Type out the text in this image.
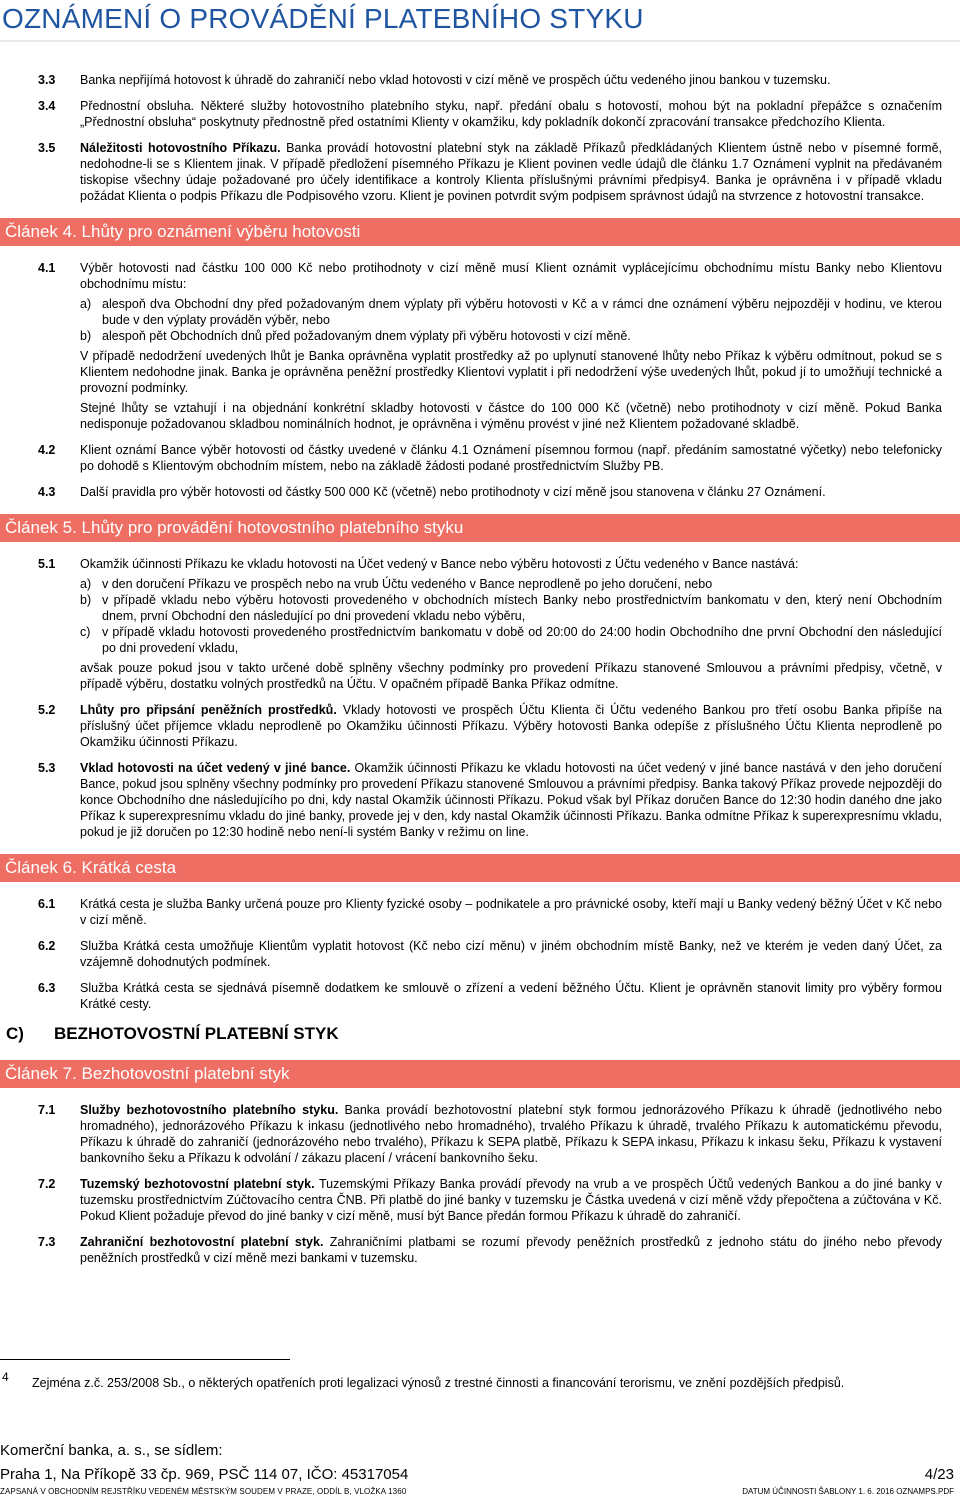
OZNÁMENÍ O PROVÁDĚNÍ PLATEBNÍHO STYKU
3.3	Banka nepřijímá hotovost k úhradě do zahraničí nebo vklad hotovosti v cizí měně ve prospěch účtu vedeného jinou bankou v tuzemsku.
3.4	Přednostní obsluha. Některé služby hotovostního platebního styku, např. předání obalu s hotovostí, mohou být na pokladní přepážce s označením „Přednostní obsluha“ poskytnuty přednostně před ostatními Klienty v okamžiku, kdy pokladník dokončí zpracování transakce předchozího Klienta.
3.5	Náležitosti hotovostního Příkazu. Banka provádí hotovostní platební styk na základě Příkazů předkládaných Klientem ústně nebo v písemné formě, nedohodne-li se s Klientem jinak. V případě předložení písemného Příkazu je Klient povinen vedle údajů dle článku 1.7 Oznámení vyplnit na předávaném tiskopise všechny údaje požadované pro účely identifikace a kontroly Klienta příslušnými právními předpisy4. Banka je oprávněna i v případě vkladu požádat Klienta o podpis Příkazu dle Podpisového vzoru. Klient je povinen potvrdit svým podpisem správnost údajů na stvrzence z hotovostní transakce.
Článek 4. Lhůty pro oznámení výběru hotovosti
4.1	Výběr hotovosti nad částku 100 000 Kč nebo protihodnoty v cizí měně musí Klient oznámit vyplácejícímu obchodnímu místu Banky nebo Klientovu obchodnímu místu:

a) alespoň dva Obchodní dny před požadovaným dnem výplaty při výběru hotovosti v Kč a v rámci dne oznámení výběru nejpozději v hodinu, ve kterou bude v den výplaty prováděn výběr, nebo
b) alespoň pět Obchodních dnů před požadovaným dnem výplaty při výběru hotovosti v cizí měně.

V případě nedodržení uvedených lhůt je Banka oprávněna vyplatit prostředky až po uplynutí stanovené lhůty nebo Příkaz k výběru odmítnout, pokud se s Klientem nedohodne jinak. Banka je oprávněna peněžní prostředky Klientovi vyplatit i při nedodržení výše uvedených lhůt, pokud jí to umožňují technické a provozní podmínky.

Stejné lhůty se vztahují i na objednání konkrétní skladby hotovosti v částce do 100 000 Kč (včetně) nebo protihodnoty v cizí měně. Pokud Banka nedisponuje požadovanou skladbou nominálních hodnot, je oprávněna i výměnu provést v jiné než Klientem požadované skladbě.

4.2	Klient oznámí Bance výběr hotovosti od částky uvedené v článku 4.1 Oznámení písemnou formou (např. předáním samostatné výčetky) nebo telefonicky po dohodě s Klientovým obchodním místem, nebo na základě žádosti podané prostřednictvím Služby PB.
4.3	Další pravidla pro výběr hotovosti od částky 500 000 Kč (včetně) nebo protihodnoty v cizí měně jsou stanovena v článku 27 Oznámení.
Článek 5. Lhůty pro provádění hotovostního platebního styku
5.1	Okamžik účinnosti Příkazu ke vkladu hotovosti na Účet vedený v Bance nebo výběru hotovosti z Účtu vedeného v Bance nastává:

a) v den doručení Příkazu ve prospěch nebo na vrub Účtu vedeného v Bance neprodleně po jeho doručení, nebo
b) v případě vkladu nebo výběru hotovosti provedeného v obchodních místech Banky nebo prostřednictvím bankomatu v den, který není Obchodním dnem, první Obchodní den následující po dni provedení vkladu nebo výběru,
c) v případě vkladu hotovosti provedeného prostřednictvím bankomatu v době od 20:00 do 24:00 hodin Obchodního dne první Obchodní den následující po dni provedení vkladu,

avšak pouze pokud jsou v takto určené době splněny všechny podmínky pro provedení Příkazu stanovené Smlouvou a právními předpisy, včetně, v případě výběru, dostatku volných prostředků na Účtu. V opačném případě Banka Příkaz odmítne.

5.2	Lhůty pro připsání peněžních prostředků. Vklady hotovosti ve prospěch Účtu Klienta či Účtu vedeného Bankou pro třetí osobu Banka připíše na příslušný účet příjemce vkladu neprodleně po Okamžiku účinnosti Příkazu. Výběry hotovosti Banka odepíše z příslušného Účtu Klienta neprodleně po Okamžiku účinnosti Příkazu.
5.3	Vklad hotovosti na účet vedený v jiné bance. Okamžik účinnosti Příkazu ke vkladu hotovosti na účet vedený v jiné bance nastává v den jeho doručení Bance, pokud jsou splněny všechny podmínky pro provedení Příkazu stanovené Smlouvou a právními předpisy. Banka takový Příkaz provede nejpozději do konce Obchodního dne následujícího po dni, kdy nastal Okamžik účinnosti Příkazu. Pokud však byl Příkaz doručen Bance do 12:30 hodin daného dne jako Příkaz k superexpresnímu vkladu do jiné banky, provede jej v den, kdy nastal Okamžik účinnosti Příkazu. Banka odmítne Příkaz k superexpresnímu vkladu, pokud je již doručen po 12:30 hodině nebo není-li systém Banky v režimu on line.
Článek 6. Krátká cesta
6.1	Krátká cesta je služba Banky určená pouze pro Klienty fyzické osoby – podnikatele a pro právnické osoby, kteří mají u Banky vedený běžný Účet v Kč nebo v cizí měně.
6.2	Služba Krátká cesta umožňuje Klientům vyplatit hotovost (Kč nebo cizí měnu) v jiném obchodním místě Banky, než ve kterém je veden daný Účet, za vzájemně dohodnutých podmínek.
6.3	Služba Krátká cesta se sjednává písemně dodatkem ke smlouvě o zřízení a vedení běžného Účtu. Klient je oprávněn stanovit limity pro výběry formou Krátké cesty.
C)	BEZHOTOVOSTNÍ PLATEBNÍ STYK
Článek 7. Bezhotovostní platební styk
7.1	Služby bezhotovostního platebního styku. Banka provádí bezhotovostní platební styk formou jednorázového Příkazu k úhradě (jednotlivého nebo hromadného), jednorázového Příkazu k inkasu (jednotlivého nebo hromadného), trvalého Příkazu k úhradě, trvalého Příkazu k automatickému převodu, Příkazu k úhradě do zahraničí (jednorázového nebo trvalého), Příkazu k SEPA platbě, Příkazu k SEPA inkasu, Příkazu k inkasu šeku, Příkazu k vystavení bankovního šeku a Příkazu k odvolání / zákazu placení / vrácení bankovního šeku.
7.2	Tuzemský bezhotovostní platební styk. Tuzemskými Příkazy Banka provádí převody na vrub a ve prospěch Účtů vedených Bankou a do jiné banky v tuzemsku prostřednictvím Zúčtovacího centra ČNB. Při platbě do jiné banky v tuzemsku je Částka uvedená v cizí měně vždy přepočtena a zúčtována v Kč. Pokud Klient požaduje převod do jiné banky v cizí měně, musí být Bance předán formou Příkazu k úhradě do zahraničí.
7.3	Zahraniční bezhotovostní platební styk. Zahraničními platbami se rozumí převody peněžních prostředků z jednoho státu do jiného nebo převody peněžních prostředků v cizí měně mezi bankami v tuzemsku.
4	Zejména z.č. 253/2008 Sb., o některých opatřeních proti legalizaci výnosů z trestné činnosti a financování terorismu, ve znění pozdějších předpisů.
Komerční banka, a. s., se sídlem:
Praha 1, Na Příkopě 33 čp. 969, PSČ 114 07, IČO: 45317054	4/23
ZAPSANÁ V OBCHODNÍM REJSTŘÍKU VEDENÉM MĚSTSKÝM SOUDEM V PRAZE, ODDÍL B, VLOŽKA 1360	DATUM ÚČINNOSTI ŠABLONY 1. 6. 2016 OZNAMPS.PDF
